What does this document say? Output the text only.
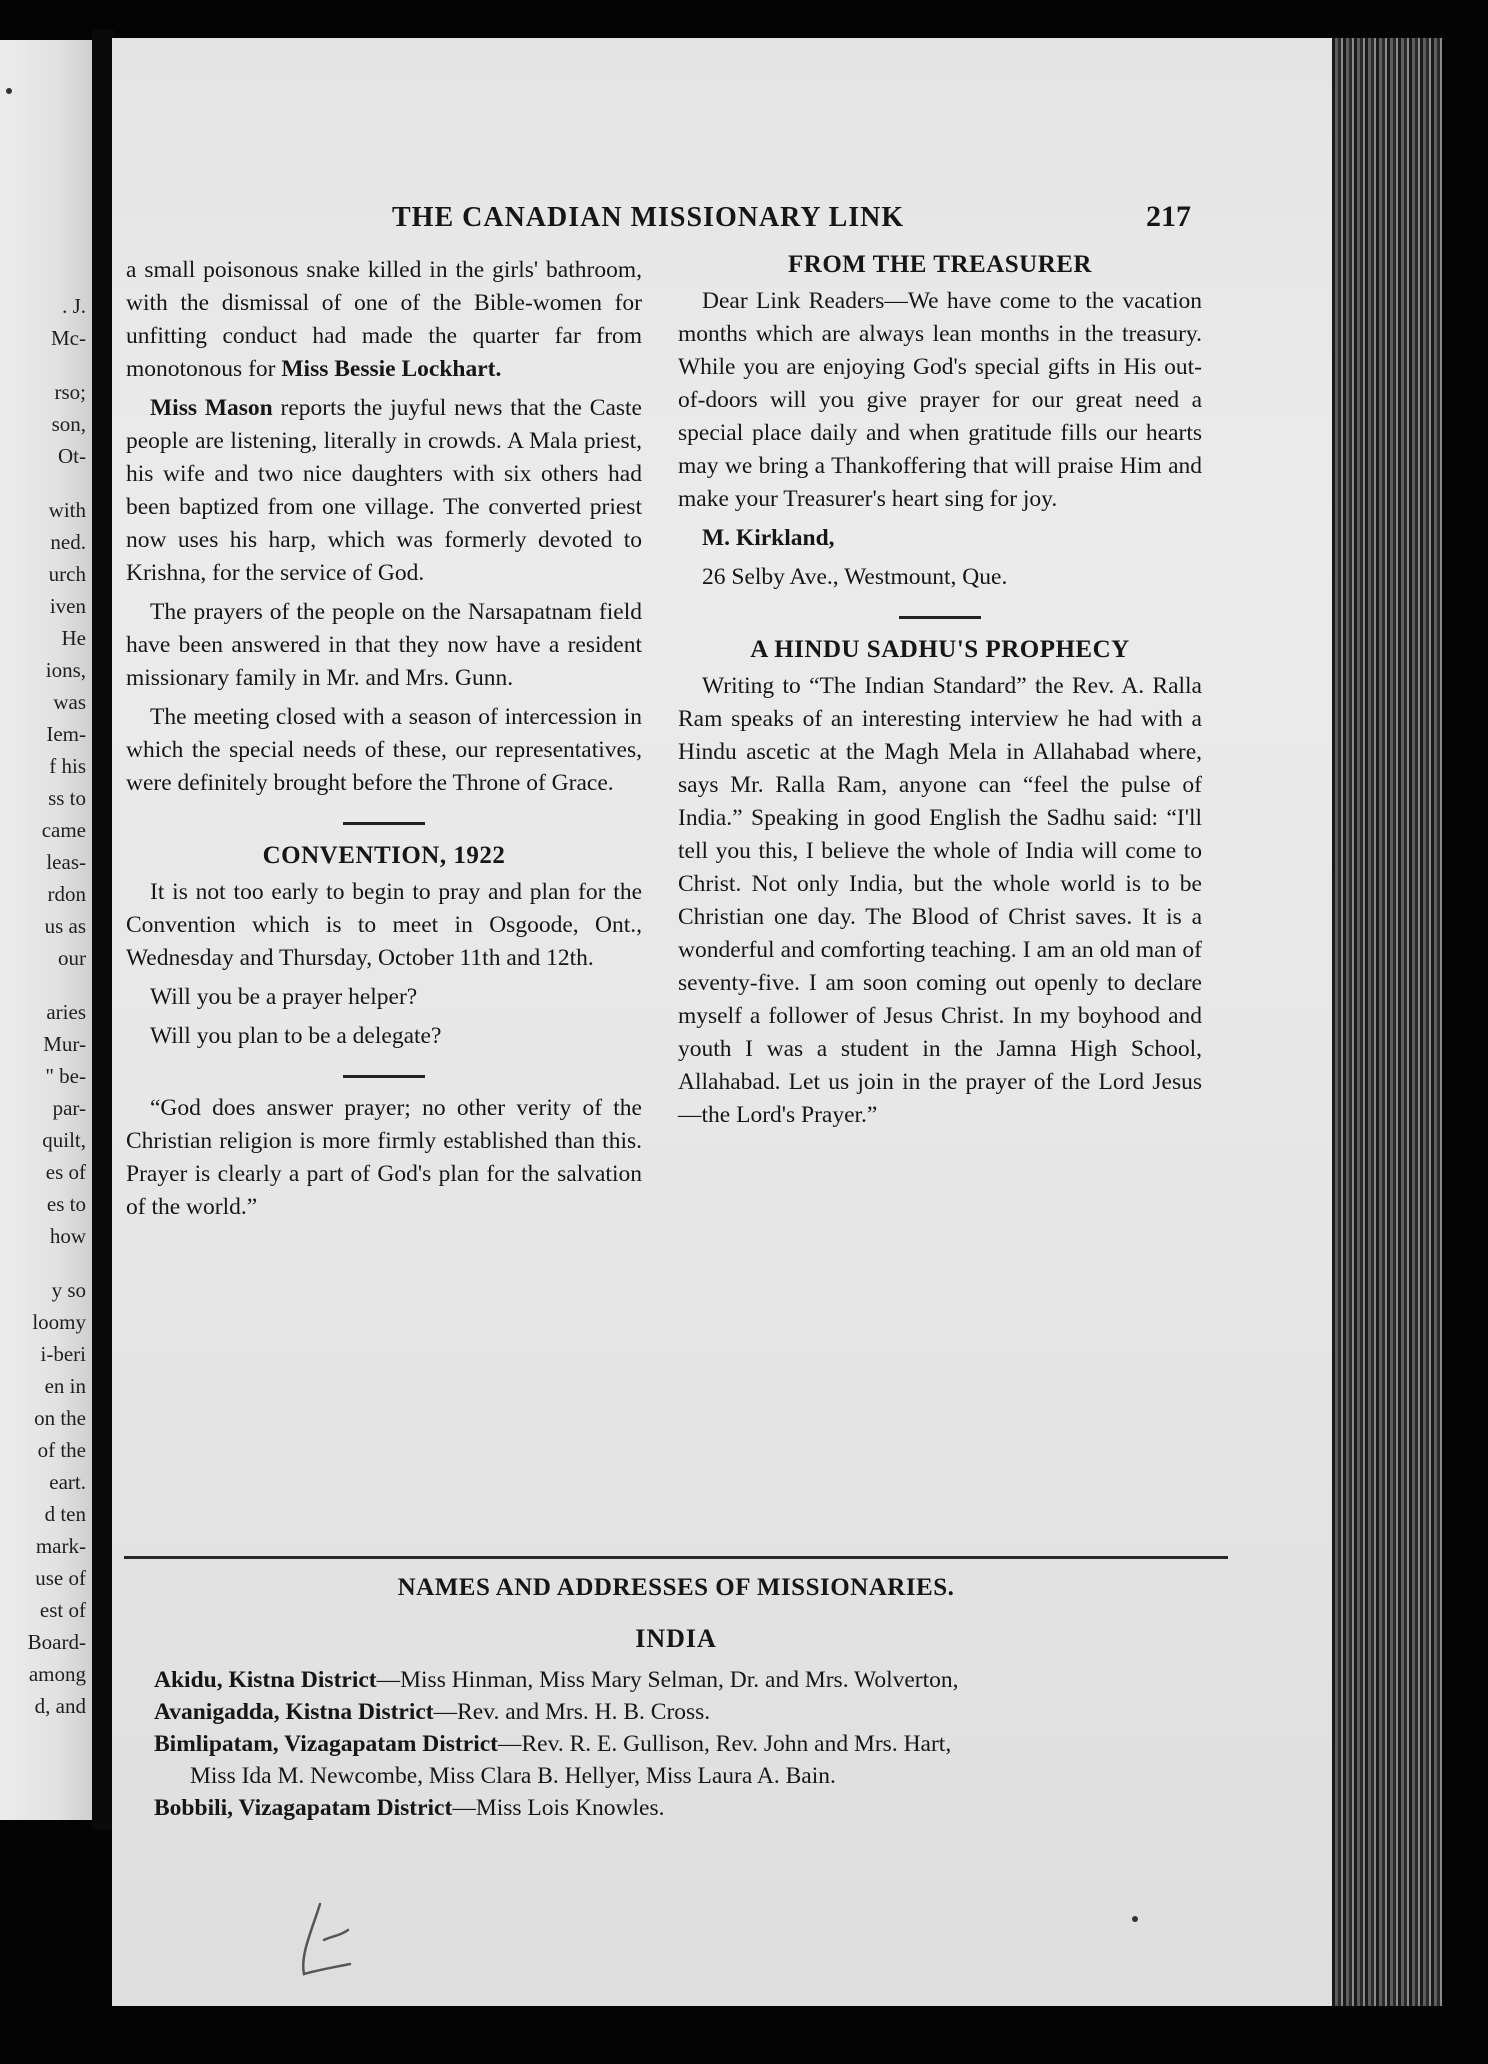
. J.
Mc-
rso;
son,
Ot-
with
ned.
urch
iven
He
ions,
was
Iem-
f his
ss to
came
leas-
rdon
us as
our
aries
Mur-
" be-
par-
quilt,
es of
es to
how
y so
loomy
i-beri
en in
on the
of the
eart.
d ten
mark-
use of
est of
Board-
among
d, and
THE CANADIAN MISSIONARY LINK	217

a small poisonous snake killed in the girls' bathroom, with the dismissal of one of the Bible-women for unfitting conduct had made the quarter far from monotonous for Miss Bessie Lockhart.

Miss Mason reports the juyful news that the Caste people are listening, literally in crowds. A Mala priest, his wife and two nice daughters with six others had been baptized from one village. The converted priest now uses his harp, which was formerly devoted to Krishna, for the service of God.

The prayers of the people on the Narsapatnam field have been answered in that they now have a resident missionary family in Mr. and Mrs. Gunn.

The meeting closed with a season of intercession in which the special needs of these, our representatives, were definitely brought before the Throne of Grace.

CONVENTION, 1922

It is not too early to begin to pray and plan for the Convention which is to meet in Osgoode, Ont., Wednesday and Thursday, October 11th and 12th.

Will you be a prayer helper?

Will you plan to be a delegate?

“God does answer prayer; no other verity of the Christian religion is more firmly established than this. Prayer is clearly a part of God's plan for the salvation of the world.”

FROM THE TREASURER

Dear Link Readers—We have come to the vacation months which are always lean months in the treasury. While you are enjoying God's special gifts in His out-of-doors will you give prayer for our great need a special place daily and when gratitude fills our hearts may we bring a Thankoffering that will praise Him and make your Treasurer's heart sing for joy.

M. Kirkland,

26 Selby Ave., Westmount, Que.

A HINDU SADHU'S PROPHECY

Writing to “The Indian Standard” the Rev. A. Ralla Ram speaks of an interesting interview he had with a Hindu ascetic at the Magh Mela in Allahabad where, says Mr. Ralla Ram, anyone can “feel the pulse of India.” Speaking in good English the Sadhu said: “I'll tell you this, I believe the whole of India will come to Christ. Not only India, but the whole world is to be Christian one day. The Blood of Christ saves. It is a wonderful and comforting teaching. I am an old man of seventy-five. I am soon coming out openly to declare myself a follower of Jesus Christ. In my boyhood and youth I was a student in the Jamna High School, Allahabad. Let us join in the prayer of the Lord Jesus—the Lord's Prayer.”

NAMES AND ADDRESSES OF MISSIONARIES.
INDIA

Akidu, Kistna District—Miss Hinman, Miss Mary Selman, Dr. and Mrs. Wolverton,

Avanigadda, Kistna District—Rev. and Mrs. H. B. Cross.

Bimlipatam, Vizagapatam District—Rev. R. E. Gullison, Rev. John and Mrs. Hart,
Miss Ida M. Newcombe, Miss Clara B. Hellyer, Miss Laura A. Bain.

Bobbili, Vizagapatam District—Miss Lois Knowles.
